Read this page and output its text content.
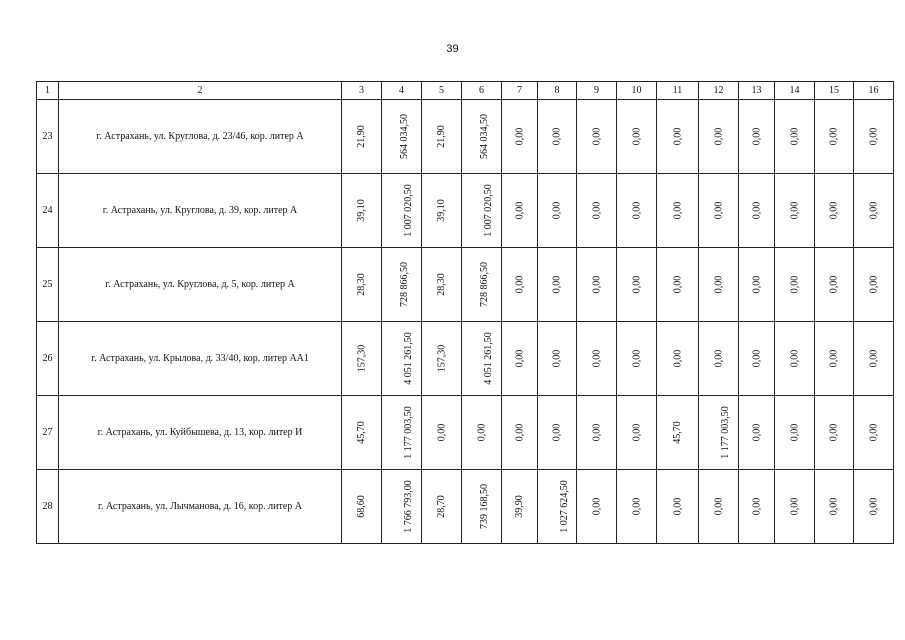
39
1	2	3	4	5	6	7	8	9	10	11	12	13	14	15	16
23	г. Астрахань, ул. Круглова, д. 23/46, кор. литер А	21,90	564 034,50	21,90	564 034,50	0,00	0,00	0,00	0,00	0,00	0,00	0,00	0,00	0,00	0,00
24	г. Астрахань, ул. Круглова, д. 39, кор. литер А	39,10	1 007 020,50	39,10	1 007 020,50	0,00	0,00	0,00	0,00	0,00	0,00	0,00	0,00	0,00	0,00
25	г. Астрахань, ул. Круглова, д. 5, кор. литер А	28,30	728 866,50	28,30	728 866,50	0,00	0,00	0,00	0,00	0,00	0,00	0,00	0,00	0,00	0,00
26	г. Астрахань, ул. Крылова, д. 33/40, кор. литер АА1	157,30	4 051 261,50	157,30	4 051 261,50	0,00	0,00	0,00	0,00	0,00	0,00	0,00	0,00	0,00	0,00
27	г. Астрахань, ул. Куйбышева, д. 13, кор. литер И	45,70	1 177 003,50	0,00	0,00	0,00	0,00	0,00	0,00	45,70	1 177 003,50	0,00	0,00	0,00	0,00
28	г. Астрахань, ул. Лычманова, д. 16, кор. литер А	68,60	1 766 793,00	28,70	739 168,50	39,90	1 027 624,50	0,00	0,00	0,00	0,00	0,00	0,00	0,00	0,00
